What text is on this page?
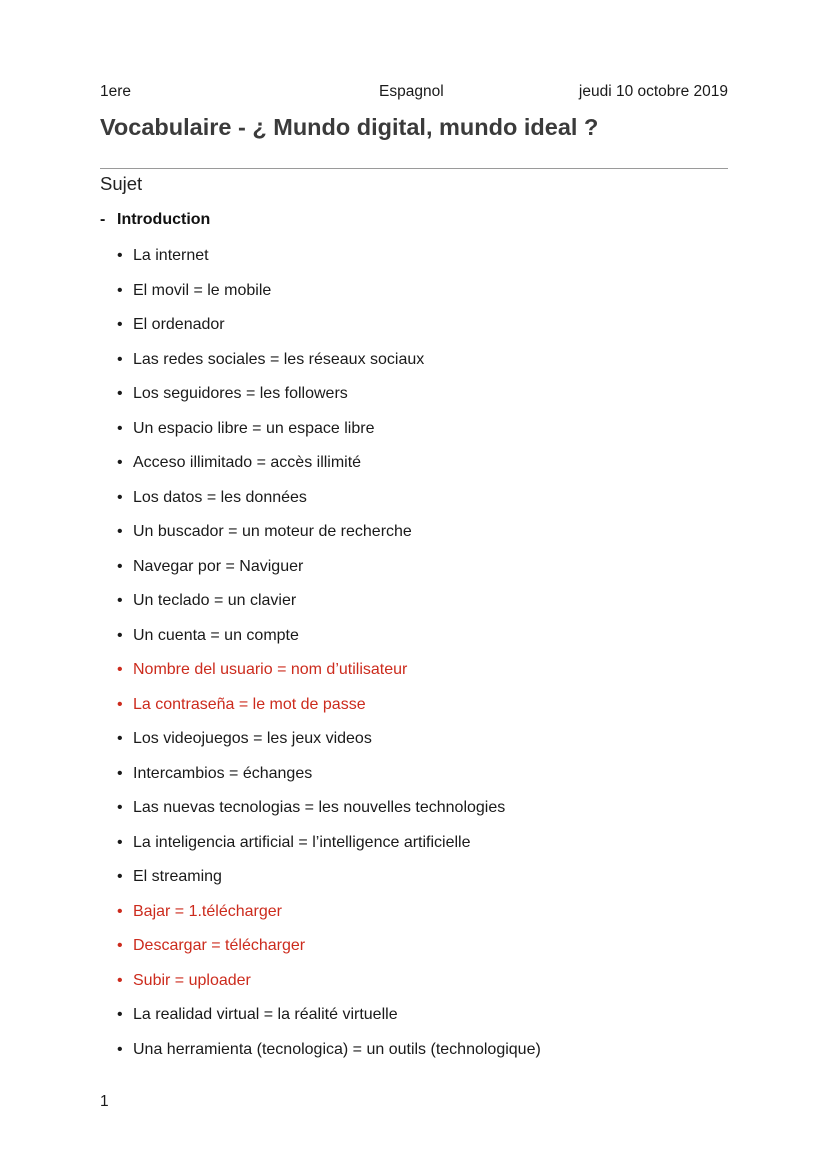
1ere	Espagnol	jeudi 10 octobre 2019
Vocabulaire - ¿ Mundo digital, mundo ideal ?
Sujet
- Introduction
• La internet
• El movil = le mobile
• El ordenador
• Las redes sociales = les réseaux sociaux
• Los seguidores = les followers
• Un espacio libre = un espace libre
• Acceso illimitado = accès illimité
• Los datos = les données
• Un buscador = un moteur de recherche
• Navegar por = Naviguer
• Un teclado = un clavier
• Un cuenta = un compte
• Nombre del usuario = nom d’utilisateur
• La contraseña = le mot de passe
• Los videojuegos = les jeux videos
• Intercambios = échanges
• Las nuevas tecnologias = les nouvelles technologies
• La inteligencia artificial = l’intelligence artificielle
• El streaming
• Bajar = 1.télécharger
• Descargar = télécharger
• Subir = uploader
• La realidad virtual = la réalité virtuelle
• Una herramienta (tecnologica) = un outils (technologique)
1
